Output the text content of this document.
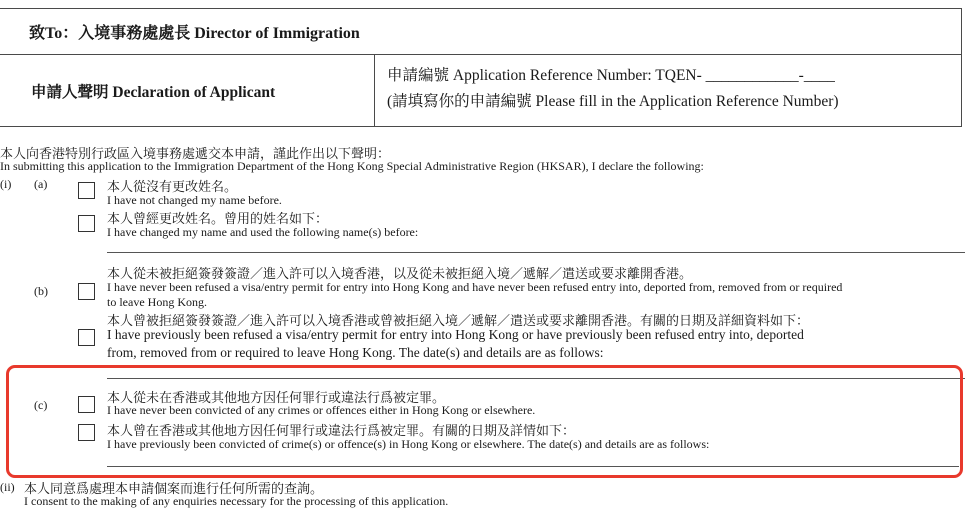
致To：入境事務處處長 Director of Immigration
申請人聲明 Declaration of Applicant
申請編號 Application Reference Number: TQEN- ____________-____
(請填寫你的申請編號 Please fill in the Application Reference Number)
本人向香港特別行政區入境事務處遞交本申請，謹此作出以下聲明：
In submitting this application to the Immigration Department of the Hong Kong Special Administrative Region (HKSAR), I declare the following:
(i) (a)	本人從沒有更改姓名。
I have not changed my name before.
本人曾經更改姓名。曾用的姓名如下：
I have changed my name and used the following name(s) before:
(b)
本人從未被拒絕簽發簽證／進入許可以入境香港，以及從未被拒絕入境／遞解／遣送或要求離開香港。
I have never been refused a visa/entry permit for entry into Hong Kong and have never been refused entry into, deported from, removed from or required
to leave Hong Kong.
本人曾被拒絕簽發簽證／進入許可以入境香港或曾被拒絕入境／遞解／遣送或要求離開香港。有關的日期及詳細資料如下：
I have previously been refused a visa/entry permit for entry into Hong Kong or have previously been refused entry into, deported
from, removed from or required to leave Hong Kong. The date(s) and details are as follows:
(c)	本人從未在香港或其他地方因任何罪行或違法行爲被定罪。
I have never been convicted of any crimes or offences either in Hong Kong or elsewhere.
本人曾在香港或其他地方因任何罪行或違法行爲被定罪。有關的日期及詳情如下：
I have previously been convicted of crime(s) or offence(s) in Hong Kong or elsewhere. The date(s) and details are as follows:
(ii) 本人同意爲處理本申請個案而進行任何所需的查詢。
I consent to the making of any enquiries necessary for the processing of this application.
